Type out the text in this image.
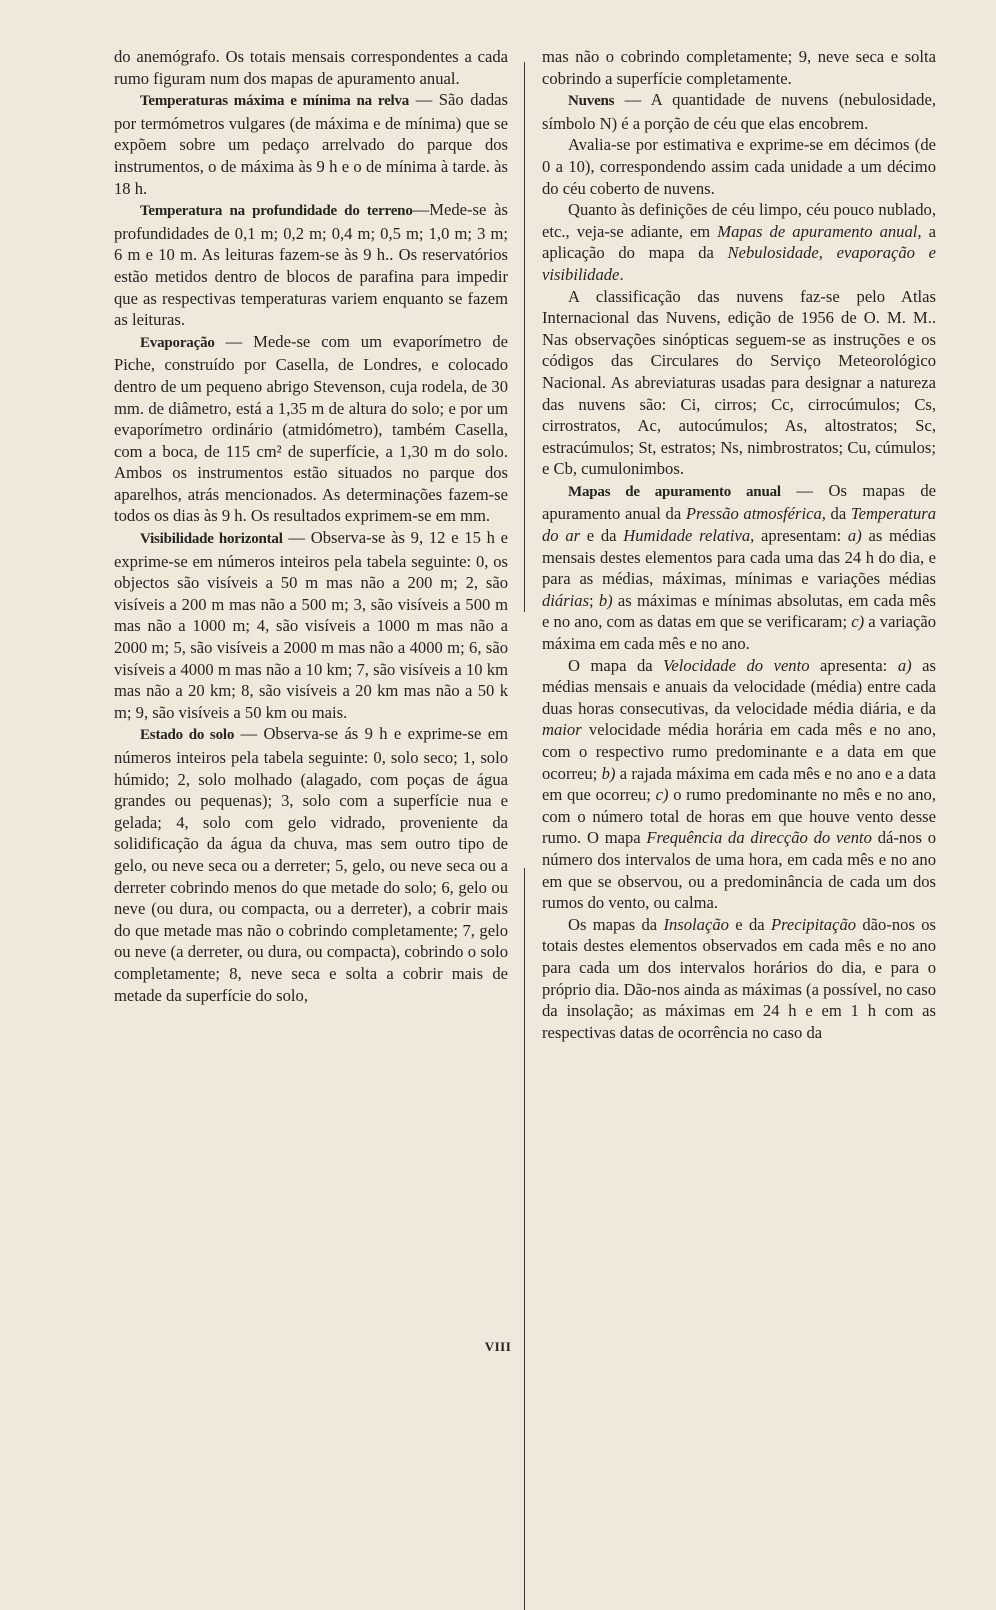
do anemógrafo. Os totais mensais correspondentes a cada rumo figuram num dos mapas de apuramento anual.

Temperaturas máxima e mínima na relva — São dadas por termómetros vulgares (de máxima e de mínima) que se expõem sobre um pedaço arrelvado do parque dos instrumentos, o de máxima às 9 h e o de mínima à tarde. às 18 h.

Temperatura na profundidade do terreno—Mede-se às profundidades de 0,1 m; 0,2 m; 0,4 m; 0,5 m; 1,0 m; 3 m; 6 m e 10 m. As leituras fazem-se às 9 h.. Os reservatórios estão metidos dentro de blocos de parafina para impedir que as respectivas temperaturas variem enquanto se fazem as leituras.

Evaporação — Mede-se com um evaporímetro de Piche, construído por Casella, de Londres, e colocado dentro de um pequeno abrigo Stevenson, cuja rodela, de 30 mm. de diâmetro, está a 1,35 m de altura do solo; e por um evaporímetro ordinário (atmidómetro), também Casella, com a boca, de 115 cm² de superfície, a 1,30 m do solo. Ambos os instrumentos estão situados no parque dos aparelhos, atrás mencionados. As determinações fazem-se todos os dias às 9 h. Os resultados exprimem-se em mm.

Visibilidade horizontal — Observa-se às 9, 12 e 15 h e exprime-se em números inteiros pela tabela seguinte: 0, os objectos são visíveis a 50 m mas não a 200 m; 2, são visíveis a 200 m mas não a 500 m; 3, são visíveis a 500 m mas não a 1000 m; 4, são visíveis a 1000 m mas não a 2000 m; 5, são visíveis a 2000 m mas não a 4000 m; 6, são visíveis a 4000 m mas não a 10 km; 7, são visíveis a 10 km mas não a 20 km; 8, são visíveis a 20 km mas não a 50 k m; 9, são visíveis a 50 km ou mais.

Estado do solo — Observa-se ás 9 h e exprime-se em números inteiros pela tabela seguinte: 0, solo seco; 1, solo húmido; 2, solo molhado (alagado, com poças de água grandes ou pequenas); 3, solo com a superfície nua e gelada; 4, solo com gelo vidrado, proveniente da solidificação da água da chuva, mas sem outro tipo de gelo, ou neve seca ou a derreter; 5, gelo, ou neve seca ou a derreter cobrindo menos do que metade do solo; 6, gelo ou neve (ou dura, ou compacta, ou a derreter), a cobrir mais do que metade mas não o cobrindo completamente; 7, gelo ou neve (a derreter, ou dura, ou compacta), cobrindo o solo completamente; 8, neve seca e solta a cobrir mais de metade da superfície do solo,

mas não o cobrindo completamente; 9, neve seca e solta cobrindo a superfície completamente.

Nuvens — A quantidade de nuvens (nebulosidade, símbolo N) é a porção de céu que elas encobrem.

Avalia-se por estimativa e exprime-se em décimos (de 0 a 10), correspondendo assim cada unidade a um décimo do céu coberto de nuvens.

Quanto às definições de céu limpo, céu pouco nublado, etc., veja-se adiante, em Mapas de apuramento anual, a aplicação do mapa da Nebulosidade, evaporação e visibilidade.

A classificação das nuvens faz-se pelo Atlas Internacional das Nuvens, edição de 1956 de O. M. M.. Nas observações sinópticas seguem-se as instruções e os códigos das Circulares do Serviço Meteorológico Nacional. As abreviaturas usadas para designar a natureza das nuvens são: Ci, cirros; Cc, cirrocúmulos; Cs, cirrostratos, Ac, autocúmulos; As, altostratos; Sc, estracúmulos; St, estratos; Ns, nimbrostratos; Cu, cúmulos; e Cb, cumulonimbos.

Mapas de apuramento anual — Os mapas de apuramento anual da Pressão atmosférica, da Temperatura do ar e da Humidade relativa, apresentam: a) as médias mensais destes elementos para cada uma das 24 h do dia, e para as médias, máximas, mínimas e variações médias diárias; b) as máximas e mínimas absolutas, em cada mês e no ano, com as datas em que se verificaram; c) a variação máxima em cada mês e no ano.

O mapa da Velocidade do vento apresenta: a) as médias mensais e anuais da velocidade (média) entre cada duas horas consecutivas, da velocidade média diária, e da maior velocidade média horária em cada mês e no ano, com o respectivo rumo predominante e a data em que ocorreu; b) a rajada máxima em cada mês e no ano e a data em que ocorreu; c) o rumo predominante no mês e no ano, com o número total de horas em que houve vento desse rumo. O mapa Frequência da direcção do vento dá-nos o número dos intervalos de uma hora, em cada mês e no ano em que se observou, ou a predominância de cada um dos rumos do vento, ou calma.

Os mapas da Insolação e da Precipitação dão-nos os totais destes elementos observados em cada mês e no ano para cada um dos intervalos horários do dia, e para o próprio dia. Dão-nos ainda as máximas (a possível, no caso da insolação; as máximas em 24 h e em 1 h com as respectivas datas de ocorrência no caso da

VIII
